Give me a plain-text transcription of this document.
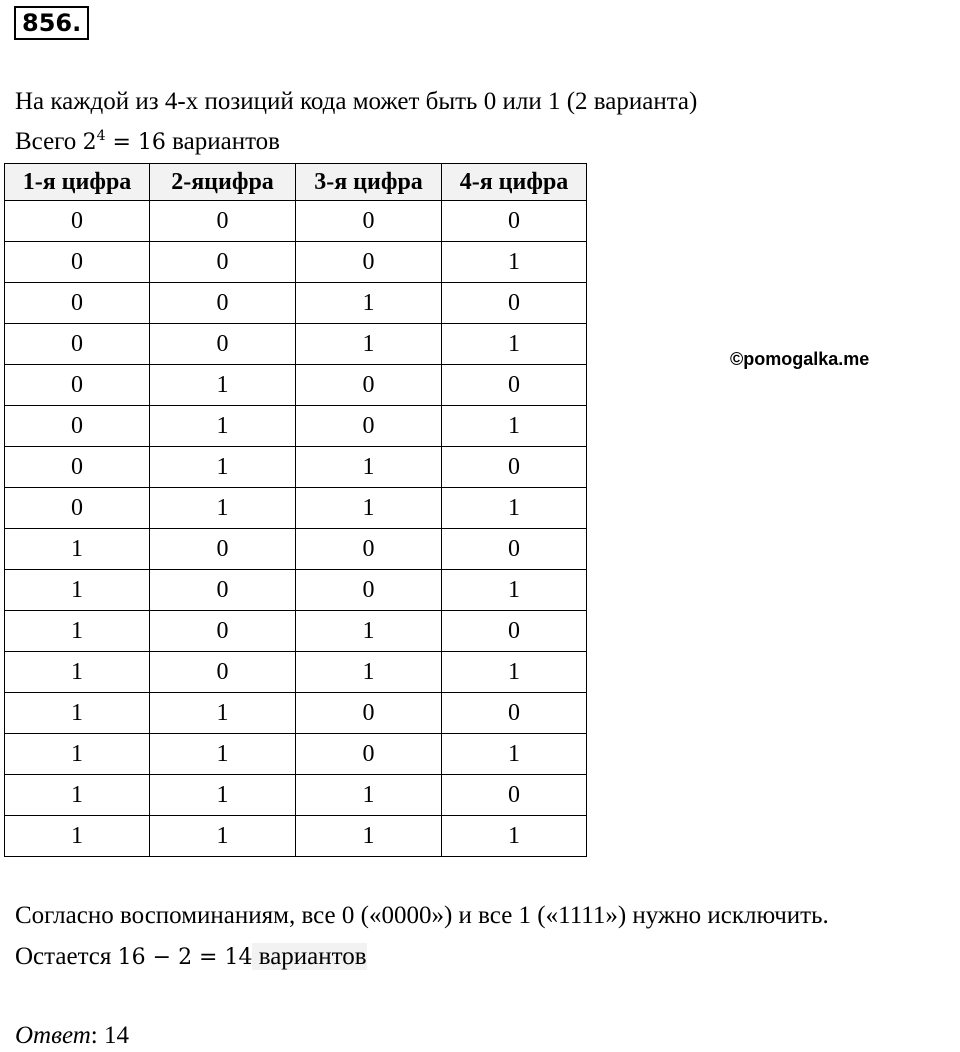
856.
На каждой из 4-х позиций кода может быть 0 или 1 (2 варианта)
Всего $2^4 = 16$ вариантов
1-я цифра	2-яцифра	3-я цифра	4-я цифра
0	0	0	0
0	0	0	1
0	0	1	0
0	0	1	1
0	1	0	0
0	1	0	1
0	1	1	0
0	1	1	1
1	0	0	0
1	0	0	1
1	0	1	0
1	0	1	1
1	1	0	0
1	1	0	1
1	1	1	0
1	1	1	1
©pomogalka.me
Согласно воспоминаниям, все 0 («0000») и все 1 («1111») нужно исключить.
Остается 16 − 2 = 14 вариантов
Ответ: 14
